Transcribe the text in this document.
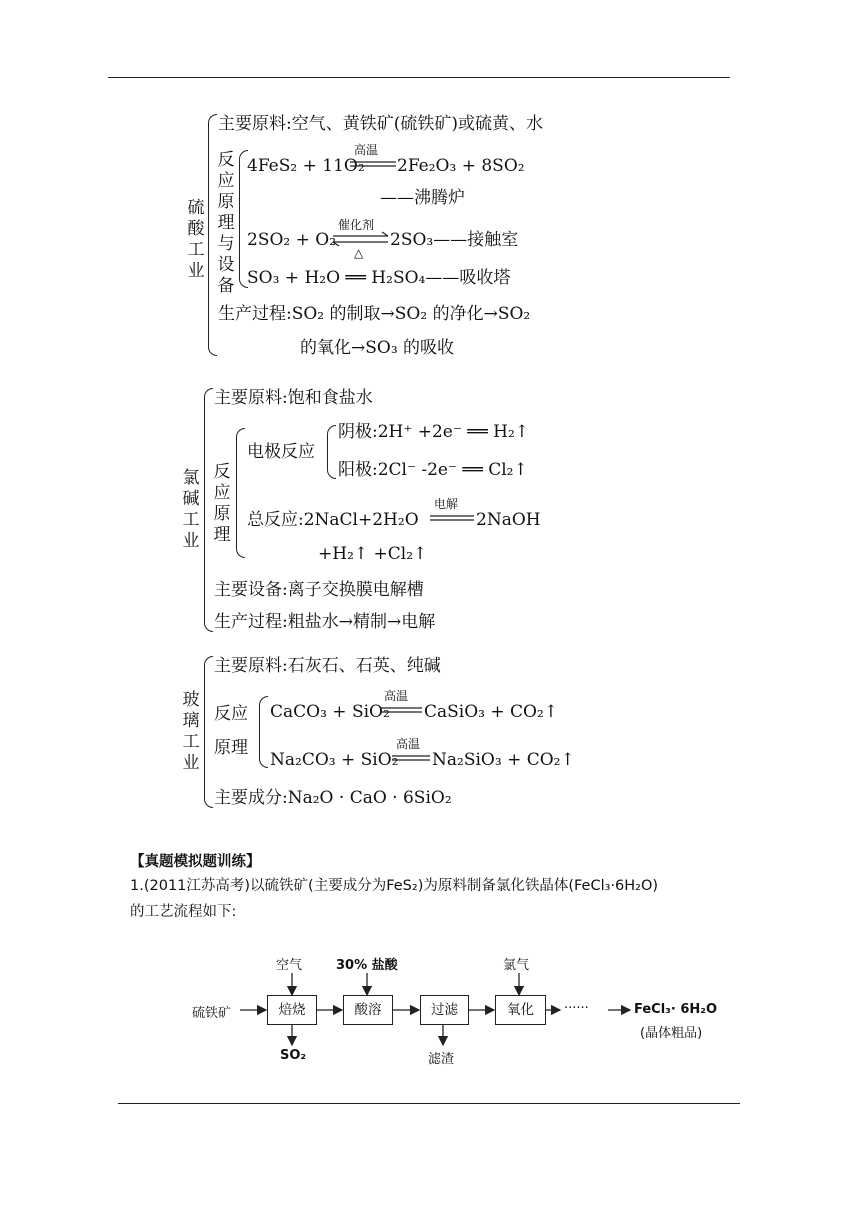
硫酸工业
主要原料:空气、黄铁矿(硫铁矿)或硫黄、水
反应原理与设备
4FeS₂ + 11O₂
高温
2Fe₂O₃ + 8SO₂
——沸腾炉
2SO₂ + O₂
催化剂
△
2SO₃——接触室
SO₃ + H₂O ══ H₂SO₄——吸收塔
生产过程:SO₂ 的制取→SO₂ 的净化→SO₂
的氧化→SO₃ 的吸收
氯碱工业
主要原料:饱和食盐水
反应原理
电极反应
阴极:2H⁺ +2e⁻ ══ H₂↑
阳极:2Cl⁻ -2e⁻ ══ Cl₂↑
总反应:2NaCl+2H₂O
电解
2NaOH
+H₂↑ +Cl₂↑
主要设备:离子交换膜电解槽
生产过程:粗盐水→精制→电解
玻璃工业
主要原料:石灰石、石英、纯碱
反应
原理
CaCO₃ + SiO₂
高温
CaSiO₃ + CO₂↑
Na₂CO₃ + SiO₂
高温
Na₂SiO₃ + CO₂↑
主要成分:Na₂O · CaO · 6SiO₂
【真题模拟题训练】
1.(2011江苏高考)以硫铁矿(主要成分为FeS₂)为原料制备氯化铁晶体(FeCl₃·6H₂O)
的工艺流程如下:
硫铁矿	焙烧	酸溶	过滤	氧化
空气	30% 盐酸	氯气
SO₂	滤渣
······	FeCl₃· 6H₂O
(晶体粗品)
